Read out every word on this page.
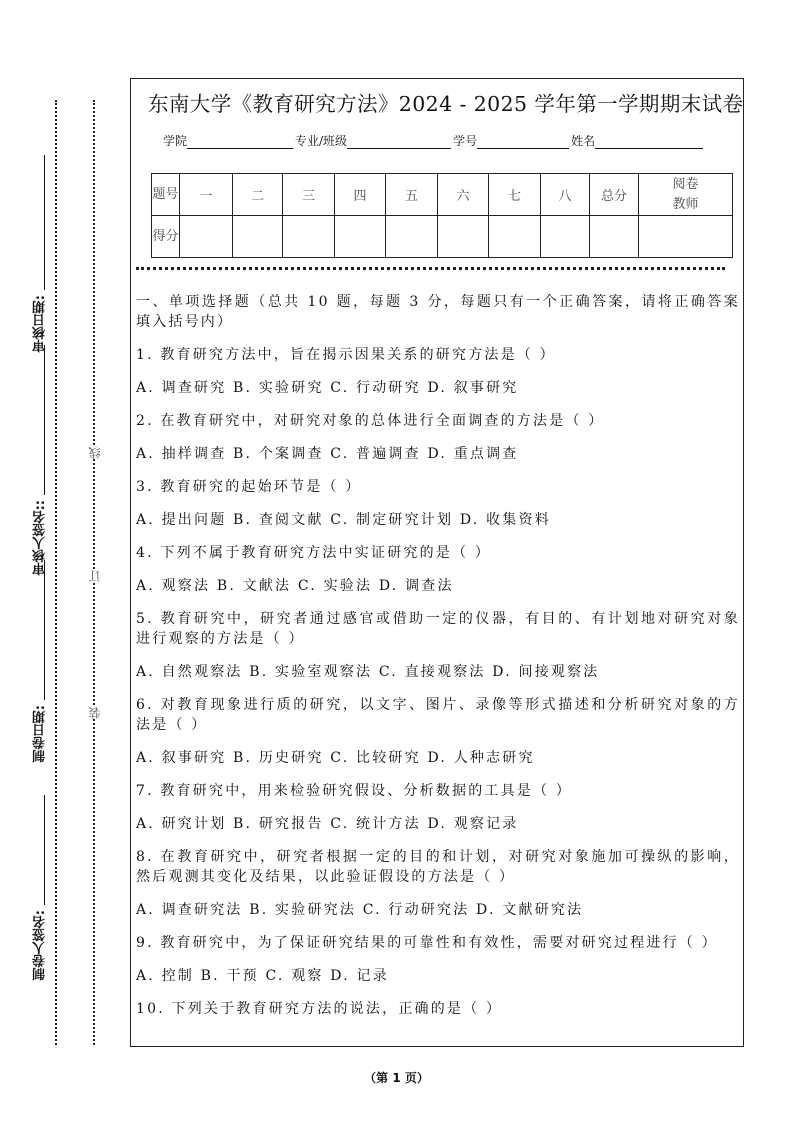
制卷人签名:
制卷日期:
审核人签名::
审核日期:
装
订
线
东南大学《教育研究方法》2024 - 2025 学年第一学期期末试卷
学院	专业/班级	学号	姓名
题号	一	二	三	四	五	六	七	八	总分	阅卷教师
得分										

一、单项选择题（总共 10 题，每题 3 分，每题只有一个正确答案，请将正确答案填入括号内）

1. 教育研究方法中，旨在揭示因果关系的研究方法是（ ）

A. 调查研究 B. 实验研究 C. 行动研究 D. 叙事研究

2. 在教育研究中，对研究对象的总体进行全面调查的方法是（ ）

A. 抽样调查 B. 个案调查 C. 普遍调查 D. 重点调查

3. 教育研究的起始环节是（ ）

A. 提出问题 B. 查阅文献 C. 制定研究计划 D. 收集资料

4. 下列不属于教育研究方法中实证研究的是（ ）

A. 观察法 B. 文献法 C. 实验法 D. 调查法

5. 教育研究中，研究者通过感官或借助一定的仪器，有目的、有计划地对研究对象进行观察的方法是（ ）

A. 自然观察法 B. 实验室观察法 C. 直接观察法 D. 间接观察法

6. 对教育现象进行质的研究，以文字、图片、录像等形式描述和分析研究对象的方法是（ ）

A. 叙事研究 B. 历史研究 C. 比较研究 D. 人种志研究

7. 教育研究中，用来检验研究假设、分析数据的工具是（ ）

A. 研究计划 B. 研究报告 C. 统计方法 D. 观察记录

8. 在教育研究中，研究者根据一定的目的和计划，对研究对象施加可操纵的影响，然后观测其变化及结果，以此验证假设的方法是（ ）

A. 调查研究法 B. 实验研究法 C. 行动研究法 D. 文献研究法

9. 教育研究中，为了保证研究结果的可靠性和有效性，需要对研究过程进行（ ）

A. 控制 B. 干预 C. 观察 D. 记录

10. 下列关于教育研究方法的说法，正确的是（ ）

（第 1 页）
